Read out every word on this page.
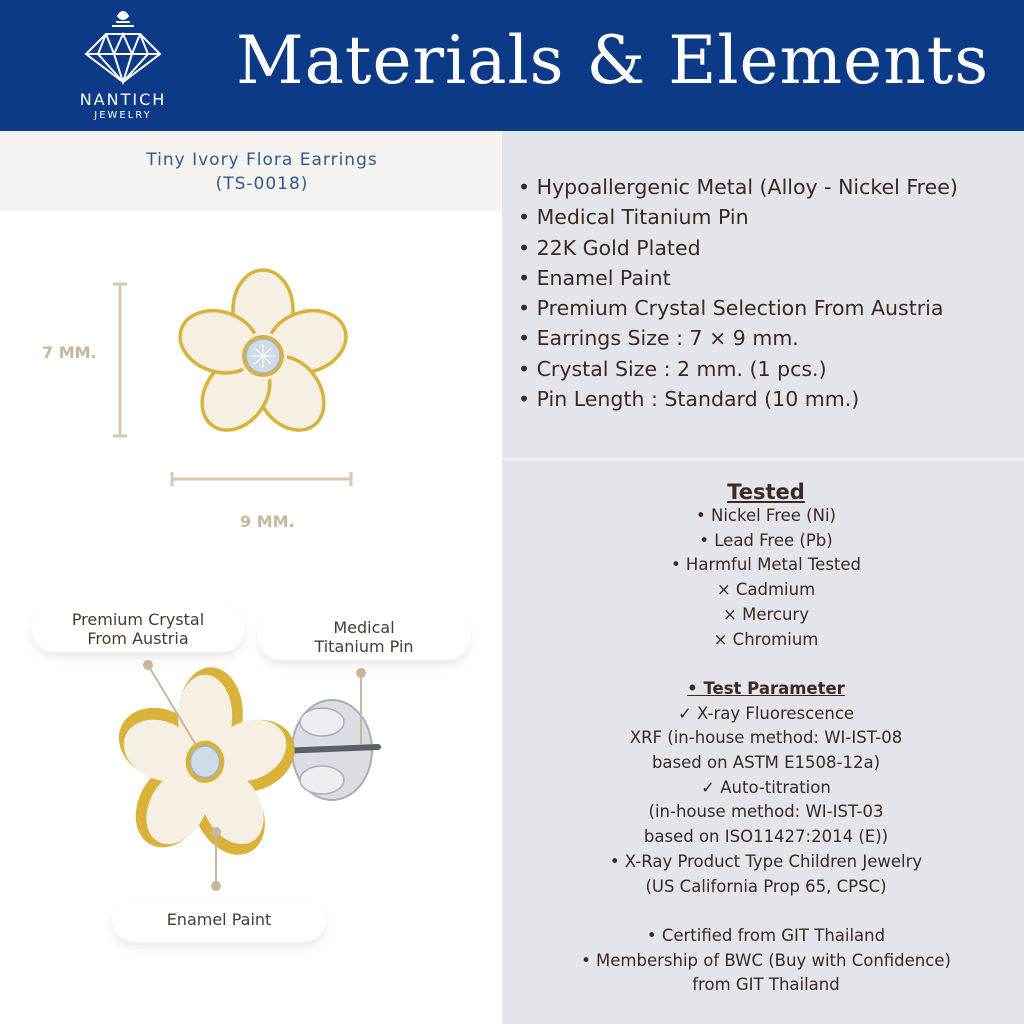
NANTICH
JEWELRY
Materials & Elements
Tiny Ivory Flora Earrings
(TS-0018)
7 MM.
9 MM.
Premium Crystal
From Austria
Medical
Titanium Pin
Enamel Paint
• Hypoallergenic Metal (Alloy - Nickel Free)
• Medical Titanium Pin
• 22K Gold Plated
• Enamel Paint
• Premium Crystal Selection From Austria
• Earrings Size : 7 × 9 mm.
• Crystal Size : 2 mm. (1 pcs.)
• Pin Length : Standard (10 mm.)
Tested
• Nickel Free (Ni)
• Lead Free (Pb)
• Harmful Metal Tested
× Cadmium
× Mercury
× Chromium
• Test Parameter
✓ X-ray Fluorescence
XRF (in-house method: WI-IST-08
based on ASTM E1508-12a)
✓ Auto-titration
(in-house method: WI-IST-03
based on ISO11427:2014 (E))
• X-Ray Product Type Children Jewelry
(US California Prop 65, CPSC)
• Certified from GIT Thailand
• Membership of BWC (Buy with Confidence)
from GIT Thailand
